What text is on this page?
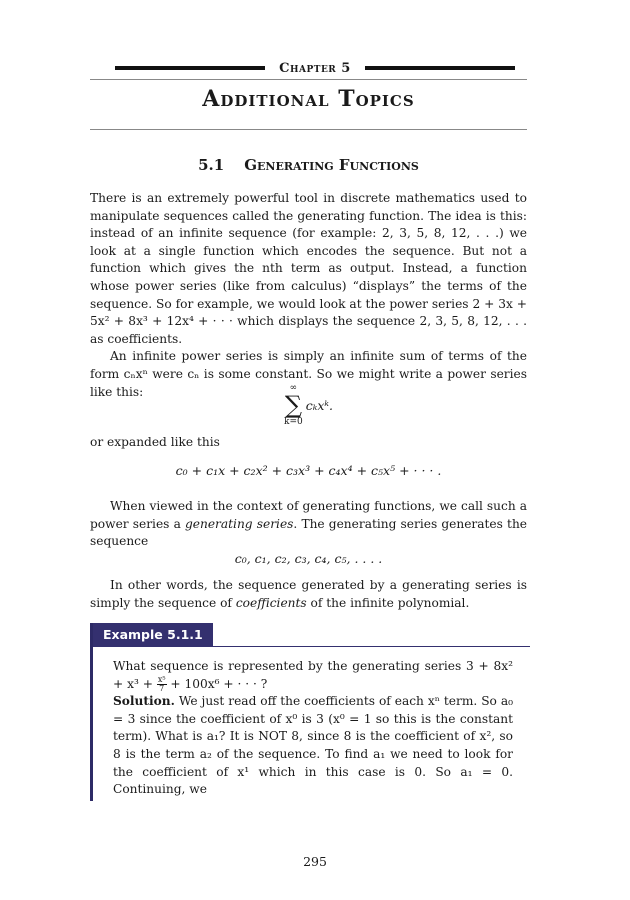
Chapter 5
Additional Topics
5.1 Generating Functions

There is an extremely powerful tool in discrete mathematics used to manipulate sequences called the generating function. The idea is this: instead of an infinite sequence (for example: 2, 3, 5, 8, 12, . . .) we look at a single function which encodes the sequence. But not a function which gives the nth term as output. Instead, a function whose power series (like from calculus) “displays” the terms of the sequence. So for example, we would look at the power series 2 + 3x + 5x² + 8x³ + 12x⁴ + · · · which displays the sequence 2, 3, 5, 8, 12, . . . as coefficients.

An infinite power series is simply an infinite sum of terms of the form cₙxⁿ were cₙ is some constant. So we might write a power series like this:	∞
∑
k=0
cₖxᵏ.
or expanded like this
c₀ + c₁x + c₂x² + c₃x³ + c₄x⁴ + c₅x⁵ + · · · .
When viewed in the context of generating functions, we call such a power series a generating series. The generating series generates the sequence
c₀, c₁, c₂, c₃, c₄, c₅, . . . .
In other words, the sequence generated by a generating series is simply the sequence of coefficients of the infinite polynomial.
Example 5.1.1

What sequence is represented by the generating series $3 + 8x^2 + x^3 + \frac{\text{x⁵}}{7} + 100x^6$ + · · · ?

Solution. We just read off the coefficients of each xⁿ term. So a₀ = 3 since the coefficient of x⁰ is 3 (x⁰ = 1 so this is the constant term). What is a₁? It is NOT 8, since 8 is the coefficient of x², so 8 is the term a₂ of the sequence. To find a₁ we need to look for the coefficient of x¹ which in this case is 0. So a₁ = 0. Continuing, we

295
